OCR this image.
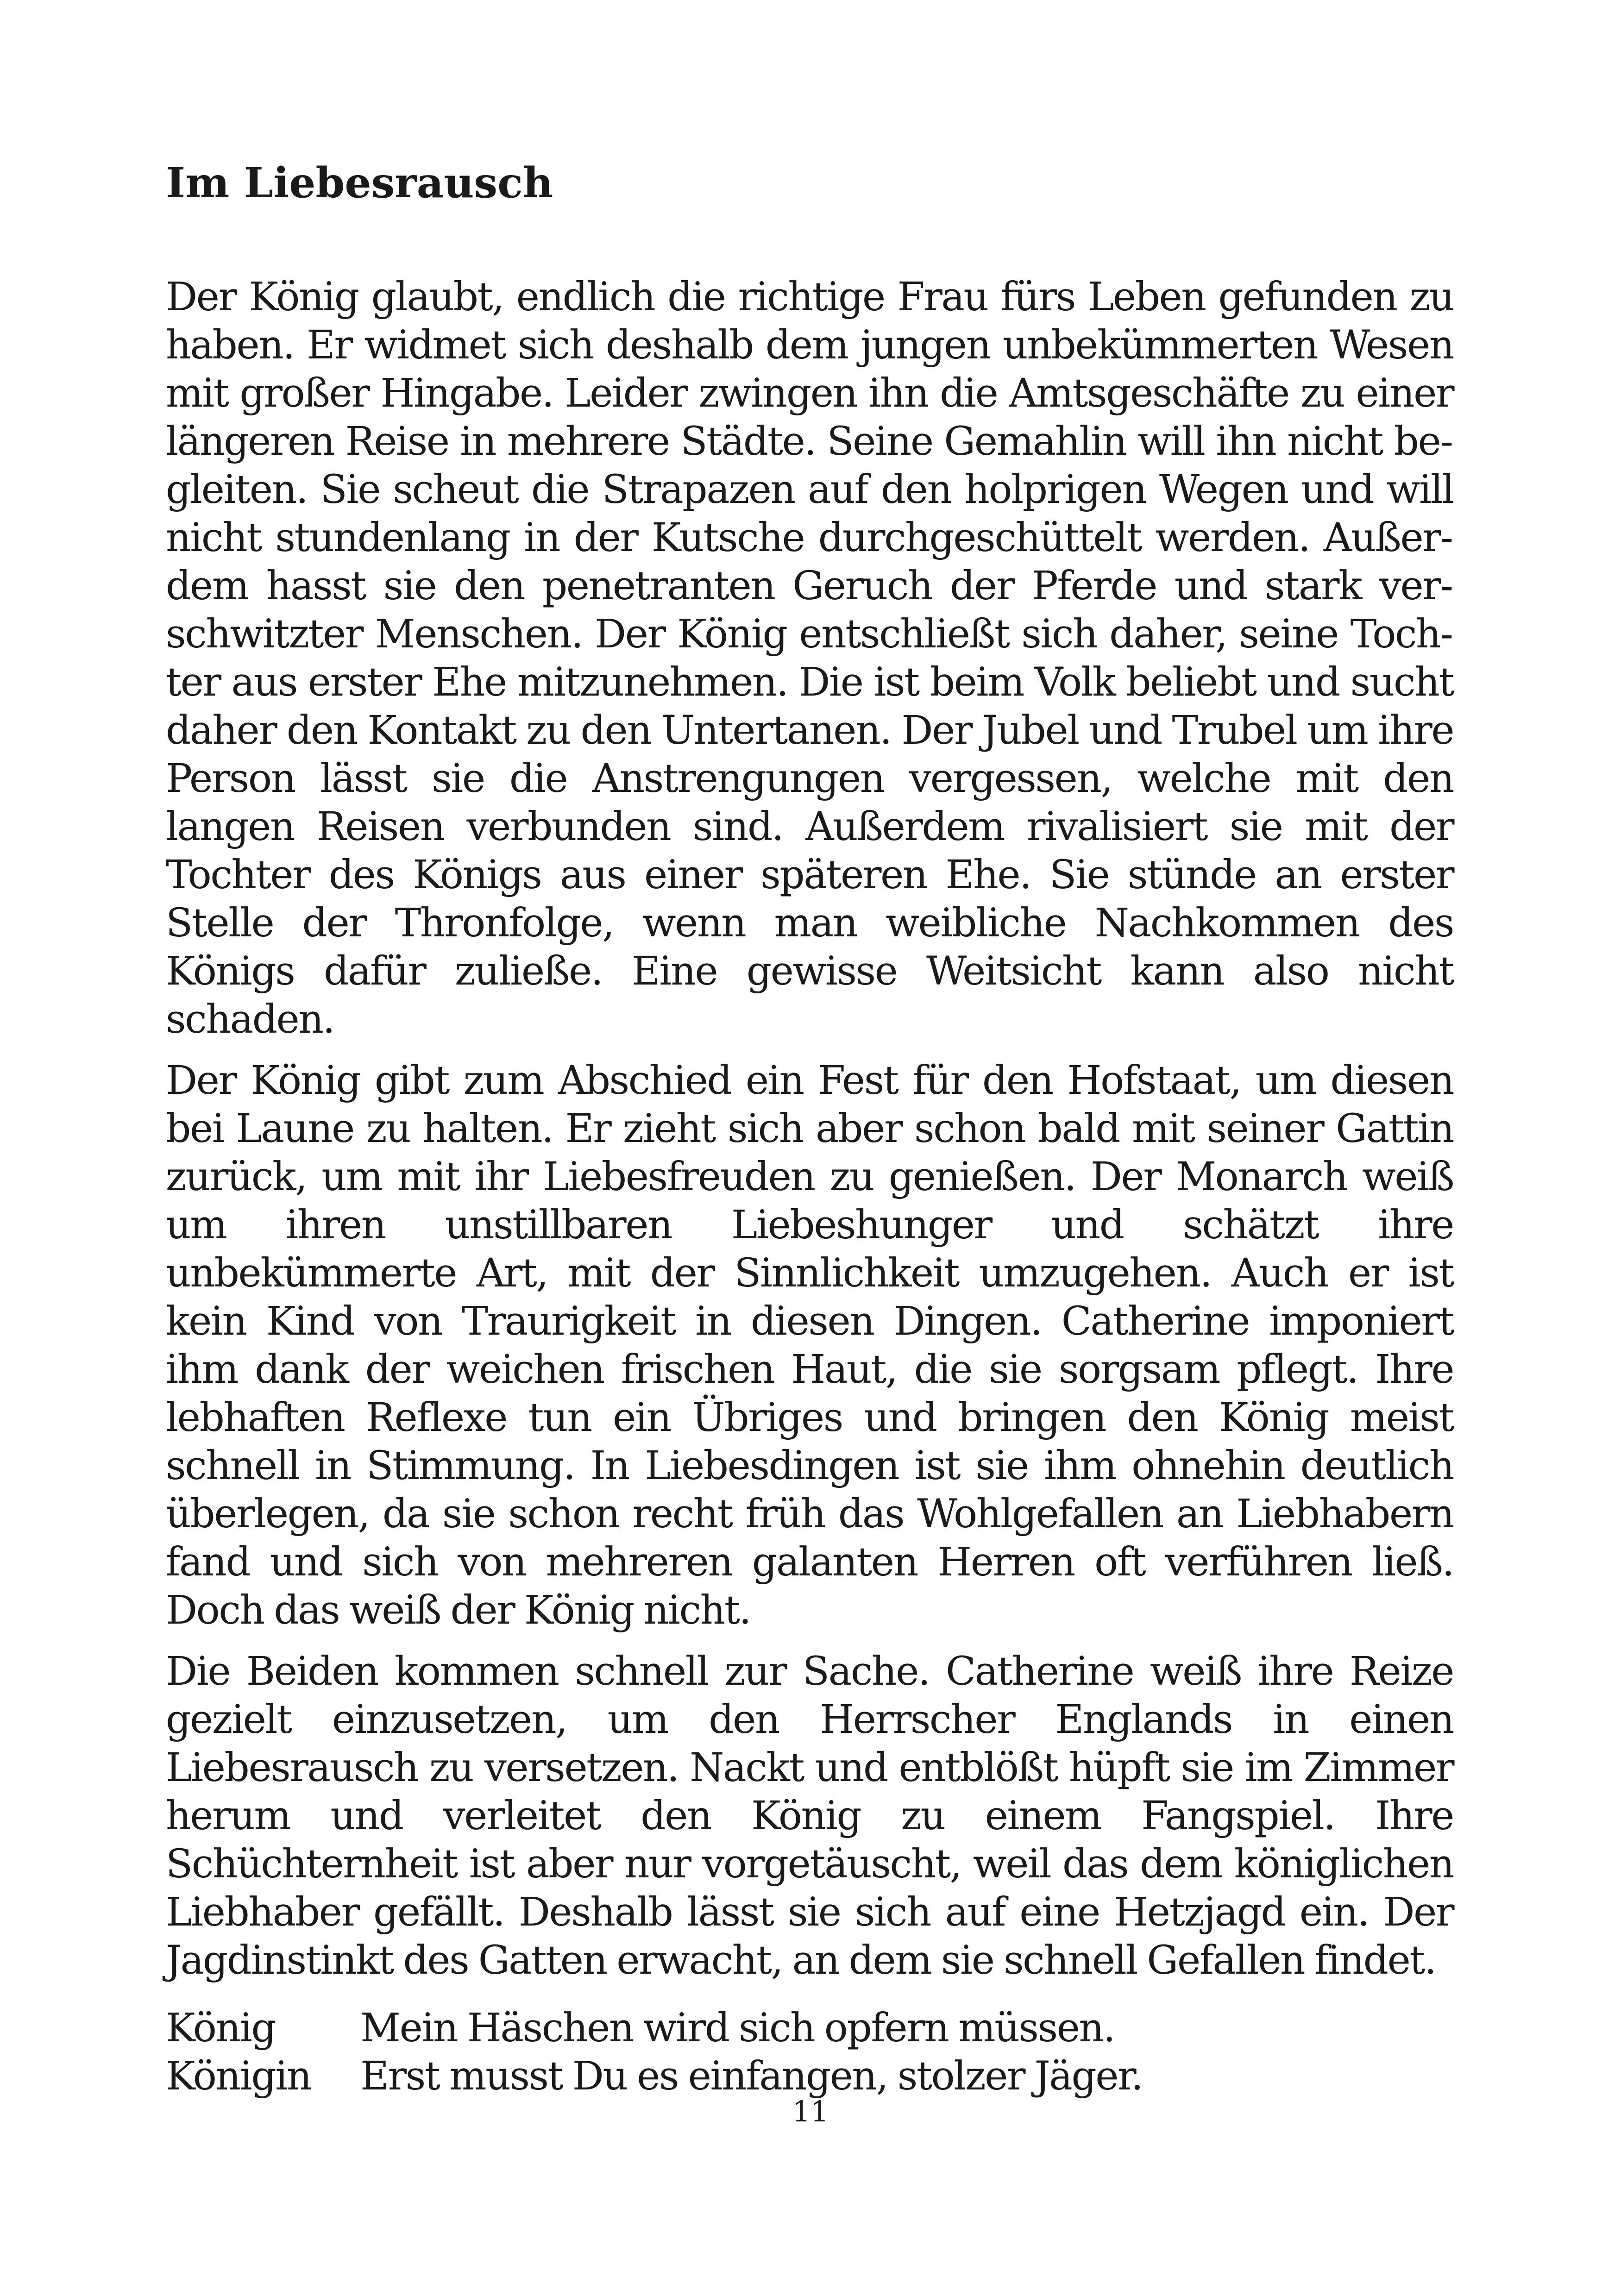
Im Liebesrausch

Der König glaubt, endlich die richtige Frau fürs Leben gefunden zu haben. Er widmet sich deshalb dem jungen unbekümmerten Wesen mit großer Hingabe. Leider zwingen ihn die Amtsgeschäfte zu einer längeren Reise in mehrere Städte. Seine Gemahlin will ihn nicht begleiten. Sie scheut die Strapazen auf den holprigen Wegen und will nicht stundenlang in der Kutsche durchgeschüttelt werden. Außerdem hasst sie den penetranten Geruch der Pferde und stark verschwitzter Menschen. Der König entschließt sich daher, seine Tochter aus erster Ehe mitzunehmen. Die ist beim Volk beliebt und sucht daher den Kontakt zu den Untertanen. Der Jubel und Trubel um ihre Person lässt sie die Anstrengungen vergessen, welche mit den langen Reisen verbunden sind. Außerdem rivalisiert sie mit der Tochter des Königs aus einer späteren Ehe. Sie stünde an erster Stelle der Thronfolge, wenn man weibliche Nachkommen des Königs dafür zuließe. Eine gewisse Weitsicht kann also nicht schaden.

Der König gibt zum Abschied ein Fest für den Hofstaat, um diesen bei Laune zu halten. Er zieht sich aber schon bald mit seiner Gattin zurück, um mit ihr Liebesfreuden zu genießen. Der Monarch weiß um ihren unstillbaren Liebeshunger und schätzt ihre unbekümmerte Art, mit der Sinnlichkeit umzugehen. Auch er ist kein Kind von Traurigkeit in diesen Dingen. Catherine imponiert ihm dank der weichen frischen Haut, die sie sorgsam pflegt. Ihre lebhaften Reflexe tun ein Übriges und bringen den König meist schnell in Stimmung. In Liebesdingen ist sie ihm ohnehin deutlich überlegen, da sie schon recht früh das Wohlgefallen an Liebhabern fand und sich von mehreren galanten Herren oft verführen ließ. Doch das weiß der König nicht.

Die Beiden kommen schnell zur Sache. Catherine weiß ihre Reize gezielt einzusetzen, um den Herrscher Englands in einen Liebesrausch zu versetzen. Nackt und entblößt hüpft sie im Zimmer herum und verleitet den König zu einem Fangspiel. Ihre Schüchternheit ist aber nur vorgetäuscht, weil das dem königlichen Liebhaber gefällt. Deshalb lässt sie sich auf eine Hetzjagd ein. Der Jagdinstinkt des Gatten erwacht, an dem sie schnell Gefallen findet.

König	Mein Häschen wird sich opfern müssen.
Königin	Erst musst Du es einfangen, stolzer Jäger.
11
